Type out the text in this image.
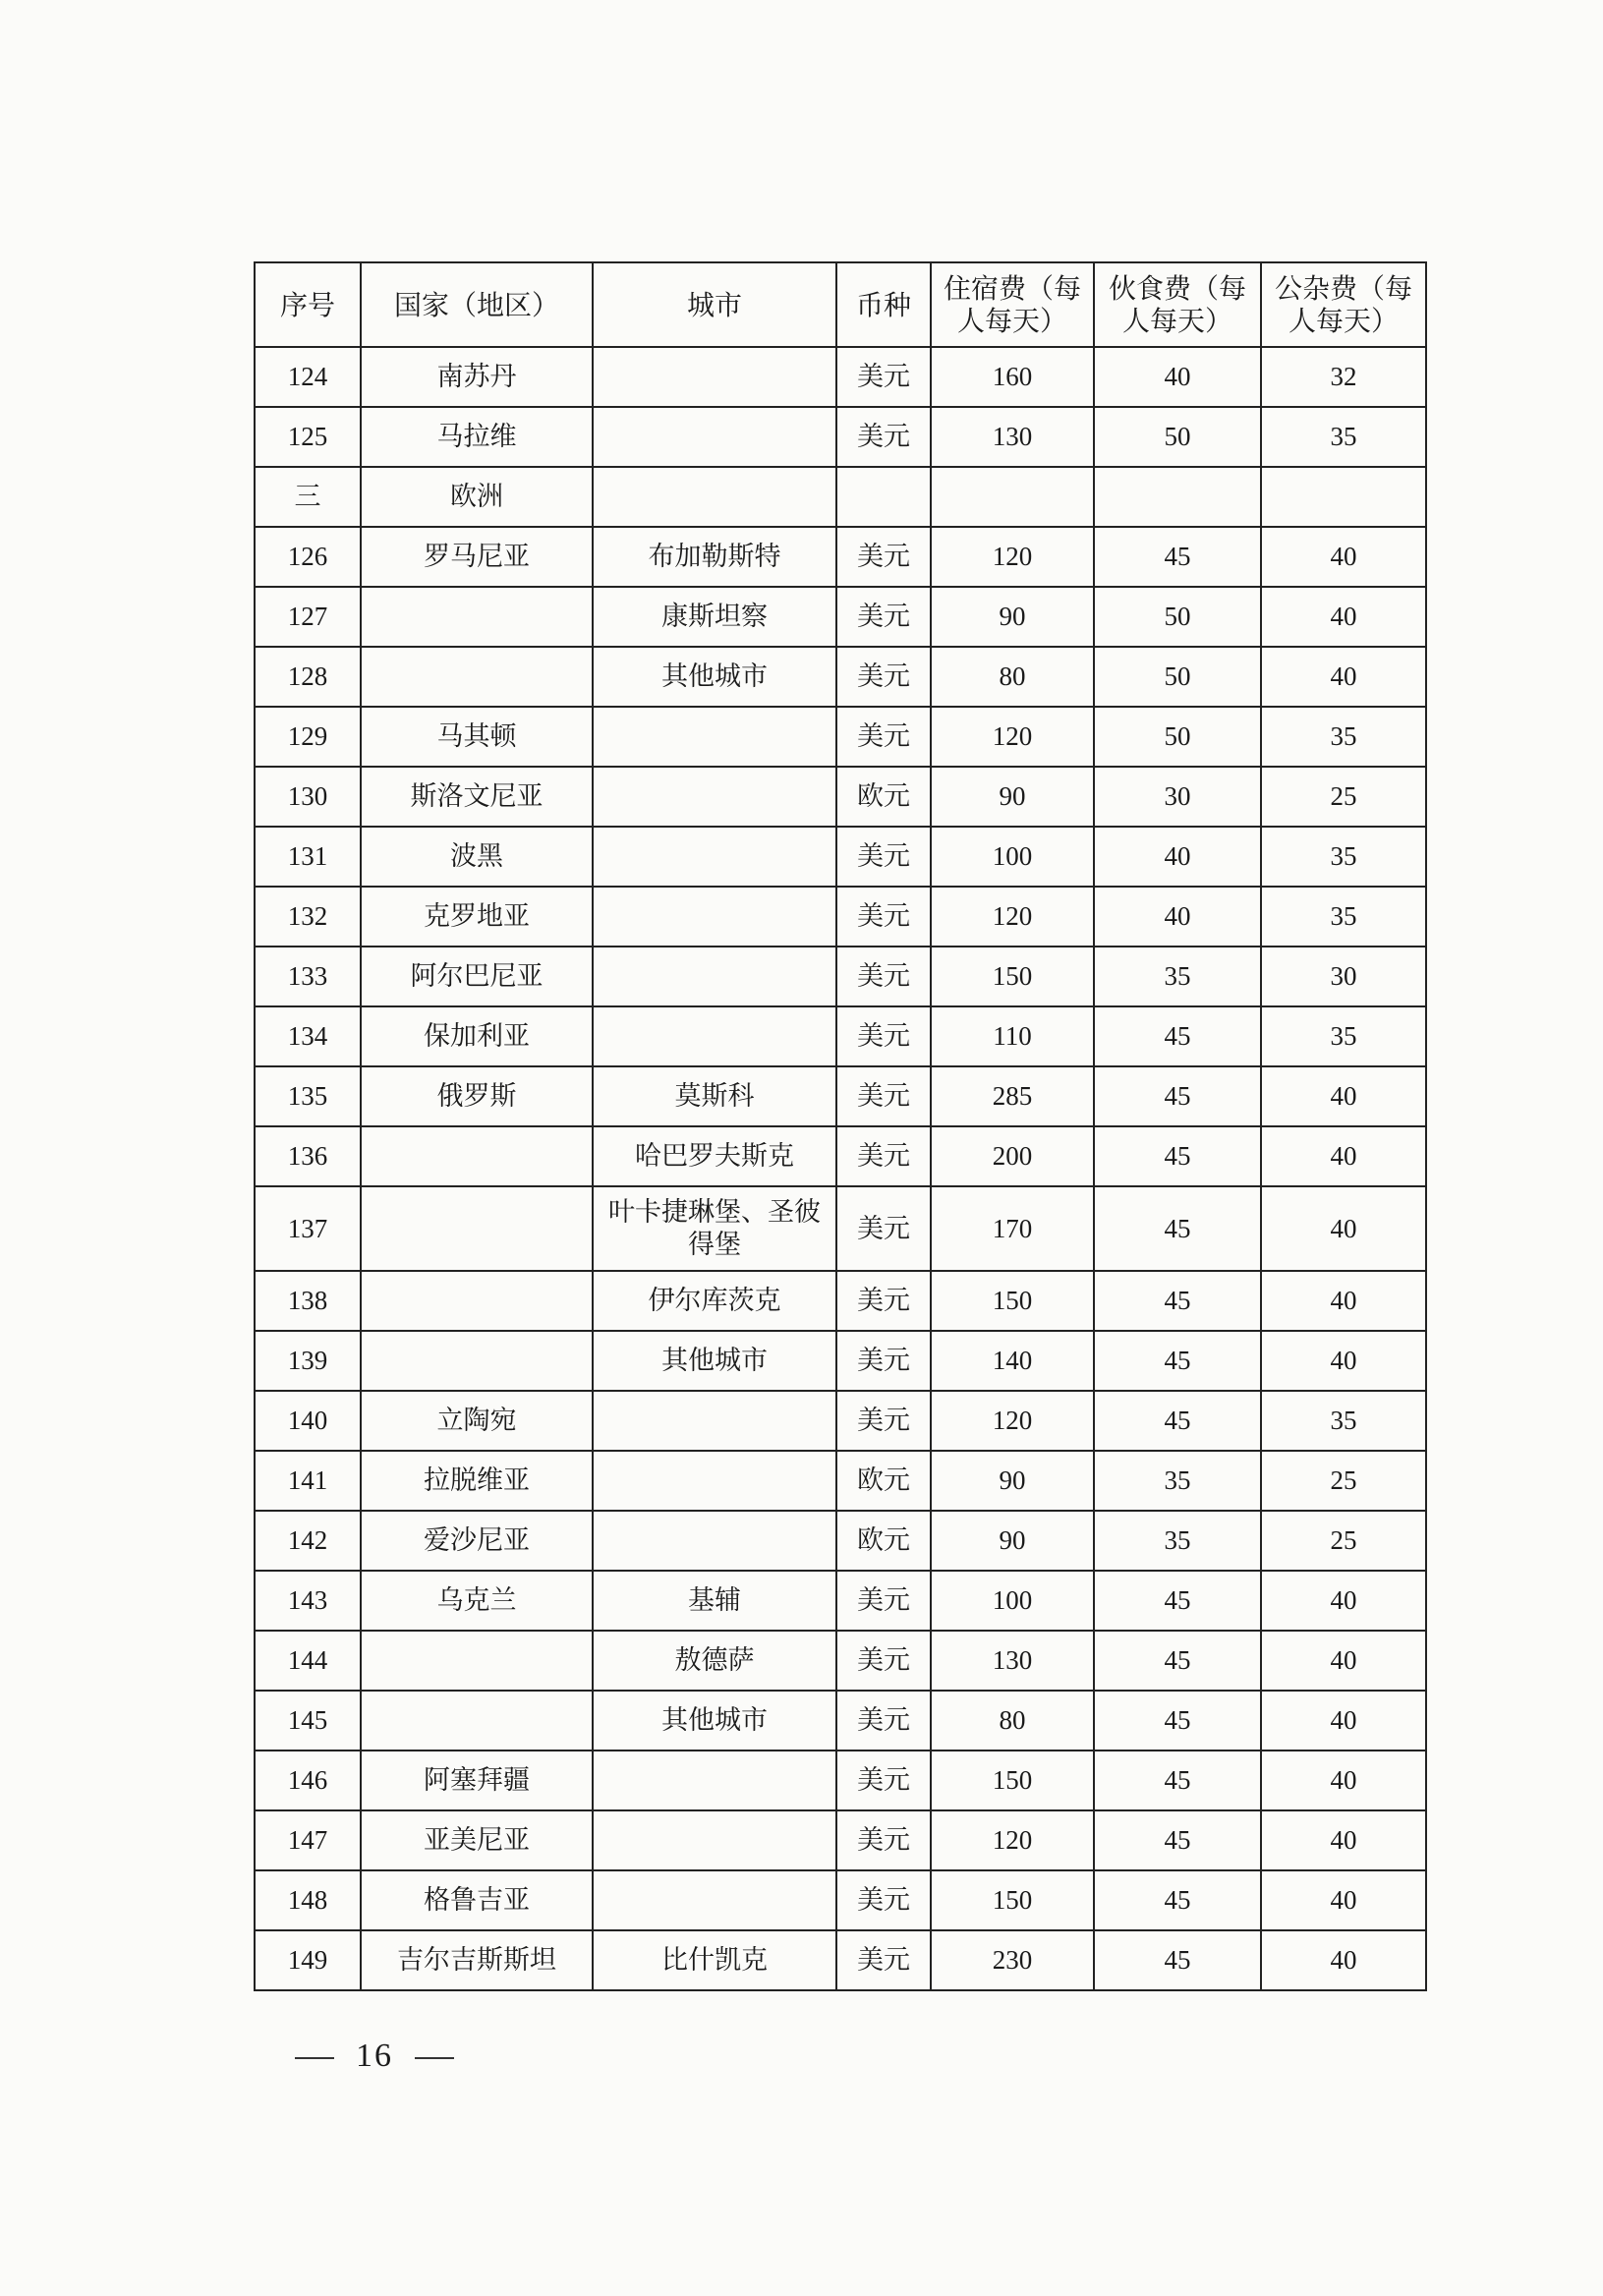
序号	国家（地区）	城市	币种	住宿费（每人每天）	伙食费（每人每天）	公杂费（每人每天）
124	南苏丹		美元	160	40	32
125	马拉维		美元	130	50	35
三	欧洲					
126	罗马尼亚	布加勒斯特	美元	120	45	40
127		康斯坦察	美元	90	50	40
128		其他城市	美元	80	50	40
129	马其顿		美元	120	50	35
130	斯洛文尼亚		欧元	90	30	25
131	波黑		美元	100	40	35
132	克罗地亚		美元	120	40	35
133	阿尔巴尼亚		美元	150	35	30
134	保加利亚		美元	110	45	35
135	俄罗斯	莫斯科	美元	285	45	40
136		哈巴罗夫斯克	美元	200	45	40
137		叶卡捷琳堡、圣彼得堡	美元	170	45	40
138		伊尔库茨克	美元	150	45	40
139		其他城市	美元	140	45	40
140	立陶宛		美元	120	45	35
141	拉脱维亚		欧元	90	35	25
142	爱沙尼亚		欧元	90	35	25
143	乌克兰	基辅	美元	100	45	40
144		敖德萨	美元	130	45	40
145		其他城市	美元	80	45	40
146	阿塞拜疆		美元	150	45	40
147	亚美尼亚		美元	120	45	40
148	格鲁吉亚		美元	150	45	40
149	吉尔吉斯斯坦	比什凯克	美元	230	45	40
16
